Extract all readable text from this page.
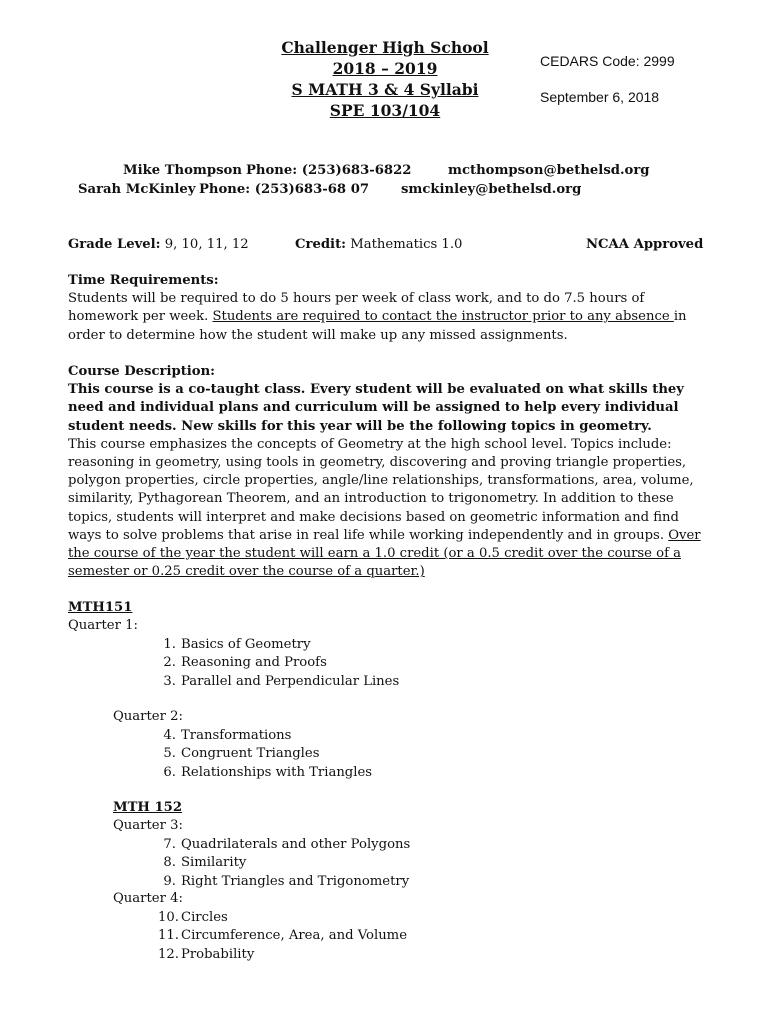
Challenger High School
2018 – 2019
S MATH 3 & 4 Syllabi
SPE 103/104
CEDARS Code: 2999
September 6, 2018
Mike Thompson Phone: (253)683-6822	mcthompson@bethelsd.org
Sarah McKinley Phone: (253)683-68 07 smckinley@bethelsd.org
Grade Level: 9, 10, 11, 12	Credit: Mathematics 1.0	NCAA Approved

Time Requirements:

Students will be required to do 5 hours per week of class work, and to do 7.5 hours of homework per week. Students are required to contact the instructor prior to any absence in order to determine how the student will make up any missed assignments.

Course Description:

This course is a co-taught class. Every student will be evaluated on what skills they need and individual plans and curriculum will be assigned to help every individual student needs. New skills for this year will be the following topics in geometry.

This course emphasizes the concepts of Geometry at the high school level. Topics include: reasoning in geometry, using tools in geometry, discovering and proving triangle properties, polygon properties, circle properties, angle/line relationships, transformations, area, volume, similarity, Pythagorean Theorem, and an introduction to trigonometry. In addition to these topics, students will interpret and make decisions based on geometric information and find ways to solve problems that arise in real life while working independently and in groups. Over the course of the year the student will earn a 1.0 credit (or a 0.5 credit over the course of a semester or 0.25 credit over the course of a quarter.)

MTH151
Quarter 1:
1. Basics of Geometry
2. Reasoning and Proofs
3. Parallel and Perpendicular Lines
Quarter 2:
4. Transformations
5. Congruent Triangles
6. Relationships with Triangles
MTH 152
Quarter 3:
7. Quadrilaterals and other Polygons
8. Similarity
9. Right Triangles and Trigonometry
Quarter 4:
10. Circles
11. Circumference, Area, and Volume
12. Probability
